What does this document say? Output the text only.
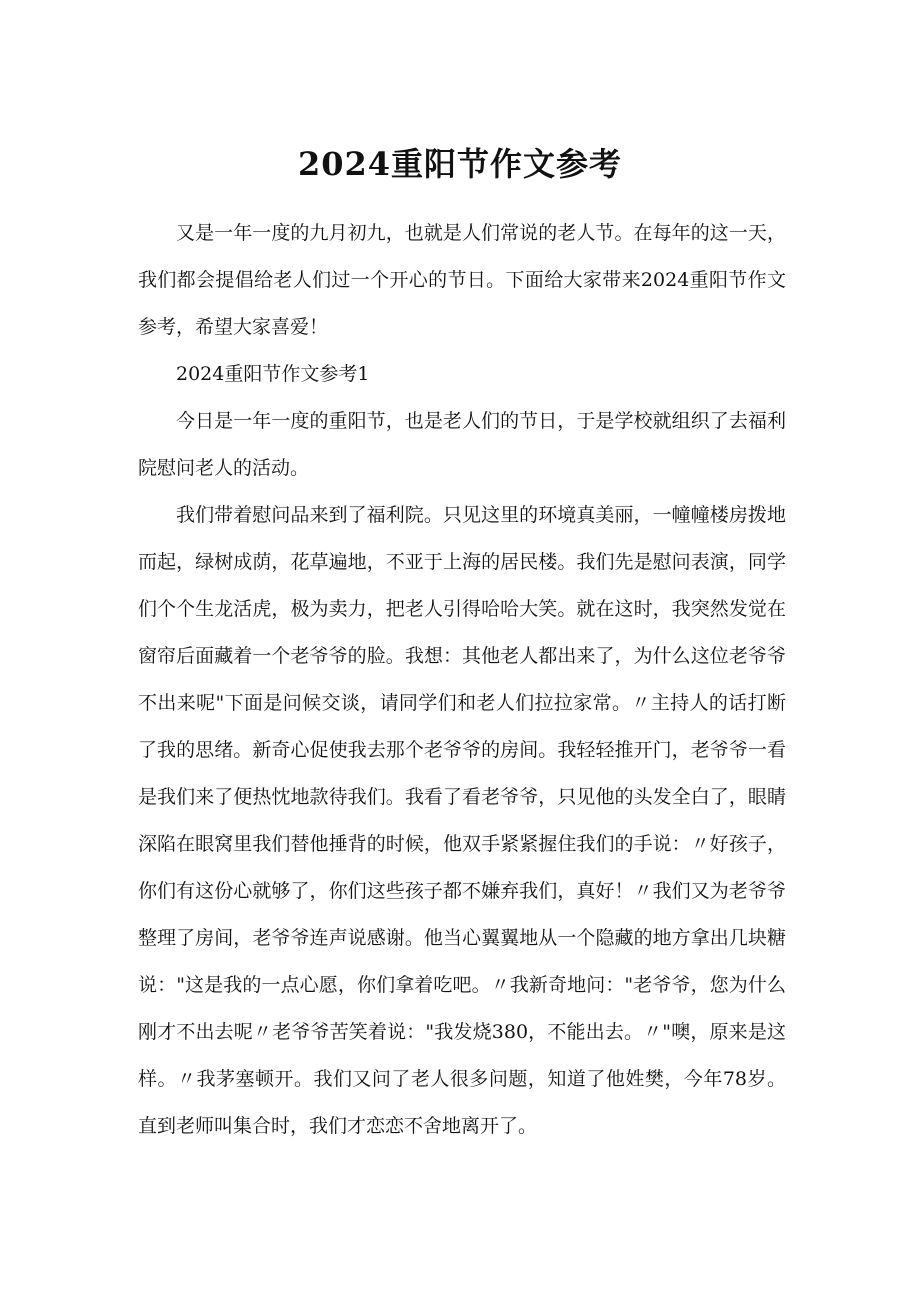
2024重阳节作文参考

又是一年一度的九月初九，也就是人们常说的老人节。在每年的这一天，我们都会提倡给老人们过一个开心的节日。下面给大家带来2024重阳节作文参考，希望大家喜爱！

2024重阳节作文参考1

今日是一年一度的重阳节，也是老人们的节日，于是学校就组织了去福利院慰问老人的活动。

我们带着慰问品来到了福利院。只见这里的环境真美丽，一幢幢楼房拨地而起，绿树成荫，花草遍地，不亚于上海的居民楼。我们先是慰问表演，同学们个个生龙活虎，极为卖力，把老人引得哈哈大笑。就在这时，我突然发觉在窗帘后面藏着一个老爷爷的脸。我想：其他老人都出来了，为什么这位老爷爷不出来呢"下面是问候交谈，请同学们和老人们拉拉家常。〃主持人的话打断了我的思绪。新奇心促使我去那个老爷爷的房间。我轻轻推开门，老爷爷一看是我们来了便热忱地款待我们。我看了看老爷爷，只见他的头发全白了，眼睛深陷在眼窝里我们替他捶背的时候，他双手紧紧握住我们的手说：〃好孩子，你们有这份心就够了，你们这些孩子都不嫌弃我们，真好！〃我们又为老爷爷整理了房间，老爷爷连声说感谢。他当心翼翼地从一个隐藏的地方拿出几块糖说："这是我的一点心愿，你们拿着吃吧。〃我新奇地问："老爷爷，您为什么刚才不出去呢〃老爷爷苦笑着说："我发烧380，不能出去。〃"噢，原来是这样。〃我茅塞顿开。我们又问了老人很多问题，知道了他姓樊，今年78岁。直到老师叫集合时，我们才恋恋不舍地离开了。
